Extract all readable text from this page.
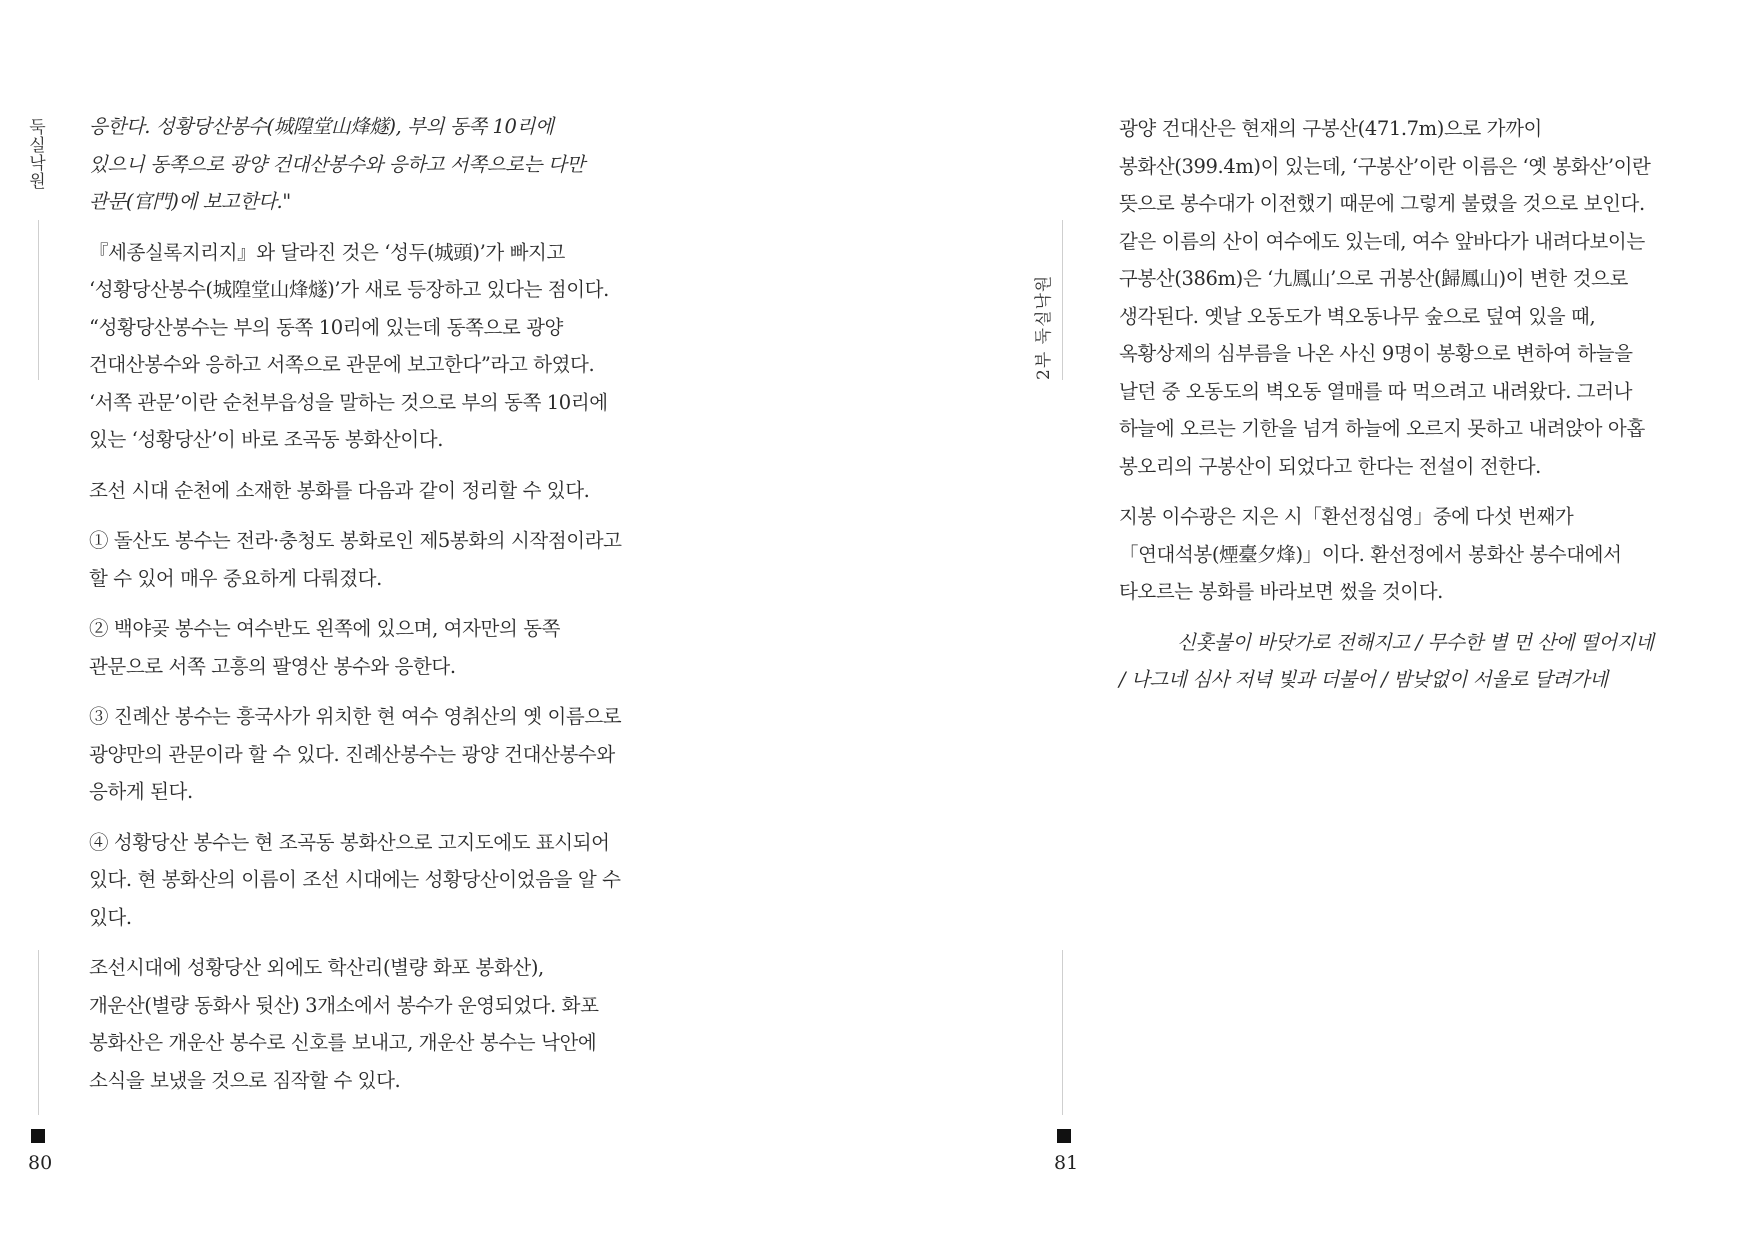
둑실낙원
80

응한다. 성황당산봉수(城隍堂山烽燧), 부의 동쪽 10리에
있으니 동쪽으로 광양 건대산봉수와 응하고 서쪽으로는 다만
관문(官門)에 보고한다."

『세종실록지리지』와 달라진 것은 ‘성두(城頭)’가 빠지고
‘성황당산봉수(城隍堂山烽燧)’가 새로 등장하고 있다는 점이다.
“성황당산봉수는 부의 동쪽 10리에 있는데 동쪽으로 광양
건대산봉수와 응하고 서쪽으로 관문에 보고한다”라고 하였다.
‘서쪽 관문’이란 순천부읍성을 말하는 것으로 부의 동쪽 10리에
있는 ‘성황당산’이 바로 조곡동 봉화산이다.

조선 시대 순천에 소재한 봉화를 다음과 같이 정리할 수 있다.

① 돌산도 봉수는 전라·충청도 봉화로인 제5봉화의 시작점이라고
할 수 있어 매우 중요하게 다뤄졌다.

② 백야곶 봉수는 여수반도 왼쪽에 있으며, 여자만의 동쪽
관문으로 서쪽 고흥의 팔영산 봉수와 응한다.

③ 진례산 봉수는 흥국사가 위치한 현 여수 영취산의 옛 이름으로
광양만의 관문이라 할 수 있다. 진례산봉수는 광양 건대산봉수와
응하게 된다.

④ 성황당산 봉수는 현 조곡동 봉화산으로 고지도에도 표시되어
있다. 현 봉화산의 이름이 조선 시대에는 성황당산이었음을 알 수
있다.

조선시대에 성황당산 외에도 학산리(별량 화포 봉화산),
개운산(별량 동화사 뒷산) 3개소에서 봉수가 운영되었다. 화포
봉화산은 개운산 봉수로 신호를 보내고, 개운산 봉수는 낙안에
소식을 보냈을 것으로 짐작할 수 있다.

2부 둑실낙원
81

광양 건대산은 현재의 구봉산(471.7m)으로 가까이
봉화산(399.4m)이 있는데, ‘구봉산’이란 이름은 ‘옛 봉화산’이란
뜻으로 봉수대가 이전했기 때문에 그렇게 불렸을 것으로 보인다.
같은 이름의 산이 여수에도 있는데, 여수 앞바다가 내려다보이는
구봉산(386m)은 ‘九鳳山’으로 귀봉산(歸鳳山)이 변한 것으로
생각된다. 옛날 오동도가 벽오동나무 숲으로 덮여 있을 때,
옥황상제의 심부름을 나온 사신 9명이 봉황으로 변하여 하늘을
날던 중 오동도의 벽오동 열매를 따 먹으려고 내려왔다. 그러나
하늘에 오르는 기한을 넘겨 하늘에 오르지 못하고 내려앉아 아홉
봉오리의 구봉산이 되었다고 한다는 전설이 전한다.

지봉 이수광은 지은 시「환선정십영」중에 다섯 번째가
「연대석봉(煙臺夕烽)」이다. 환선정에서 봉화산 봉수대에서
타오르는 봉화를 바라보면 썼을 것이다.

신홋불이 바닷가로 전해지고 / 무수한 별 먼 산에 떨어지네
/ 나그네 심사 저녁 빛과 더불어 / 밤낮없이 서울로 달려가네
